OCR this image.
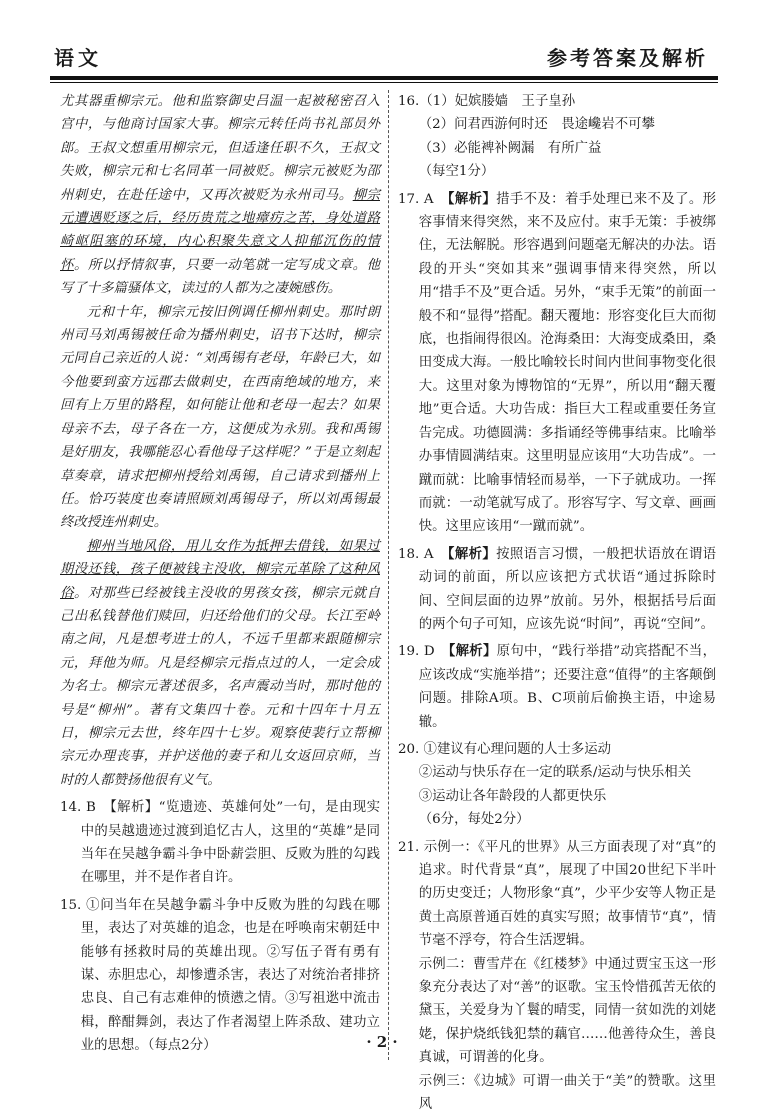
语文	参考答案及解析

尤其器重柳宗元。他和监察御史吕温一起被秘密召入宫中，与他商讨国家大事。柳宗元转任尚书礼部员外郎。王叔文想重用柳宗元，但适逢任职不久，王叔文失败，柳宗元和七名同革一同被贬。柳宗元被贬为邵州刺史，在赴任途中，又再次被贬为永州司马。柳宗元遭遇贬逐之后，经历贵荒之地瘴疠之苦，身处道路崎岖阻塞的环境，内心积聚失意文人抑郁沉伤的情怀。所以抒情叙事，只要一动笔就一定写成文章。他写了十多篇骚体文，读过的人都为之凄婉感伤。

元和十年，柳宗元按旧例调任柳州刺史。那时朗州司马刘禹锡被任命为播州刺史，诏书下达时，柳宗元同自己亲近的人说：“刘禹锡有老母，年龄已大，如今他要到蛮方远郡去做刺史，在西南绝域的地方，来回有上万里的路程，如何能让他和老母一起去？如果母亲不去，母子各在一方，这便成为永别。我和禹锡是好朋友，我哪能忍心看他母子这样呢？”于是立刻起草奏章，请求把柳州授给刘禹锡，自己请求到播州上任。恰巧装度也奏请照顾刘禹锡母子，所以刘禹锡最终改授连州刺史。

柳州当地风俗，用儿女作为抵押去借钱，如果过期没还钱，孩子便被钱主没收，柳宗元革除了这种风俗。对那些已经被钱主没收的男孩女孩，柳宗元就自己出私钱替他们赎回，归还给他们的父母。长江至岭南之间，凡是想考进士的人，不远千里都来跟随柳宗元，拜他为师。凡是经柳宗元指点过的人，一定会成为名士。柳宗元著述很多，名声震动当时，那时他的号是“柳州”。著有文集四十卷。元和十四年十月五日，柳宗元去世，终年四十七岁。观察使裴行立帮柳宗元办理丧事，并护送他的妻子和儿女返回京师，当时的人都赞扬他很有义气。

14. B　【解析】“览遗迹、英雄何处”一句，是由现实中的吴越遗迹过渡到追忆古人，这里的“英雄”是同当年在吴越争霸斗争中卧薪尝胆、反败为胜的勾践在哪里，并不是作者自许。

15. ①问当年在吴越争霸斗争中反败为胜的勾践在哪里，表达了对英雄的追念，也是在呼唤南宋朝廷中能够有拯救时局的英雄出现。②写伍子胥有勇有谋、赤胆忠心，却惨遭杀害，表达了对统治者排挤忠良、自己有志难伸的愤懑之情。③写祖逖中流击楫，醉酣舞剑，表达了作者渴望上阵杀敌、建功立业的思想。（每点2分）

16.（1）妃嫔媵嫱　王子皇孙

（2）问君西游何时还　畏途巉岩不可攀

（3）必能裨补阙漏　有所广益

（每空1分）

17. A　【解析】措手不及：着手处理已来不及了。形容事情来得突然，来不及应付。束手无策：手被绑住，无法解脱。形容遇到问题毫无解决的办法。语段的开头“突如其来”强调事情来得突然，所以用“措手不及”更合适。另外，“束手无策”的前面一般不和“显得”搭配。翻天覆地：形容变化巨大而彻底，也指闹得很凶。沧海桑田：大海变成桑田，桑田变成大海。一般比喻较长时间内世间事物变化很大。这里对象为博物馆的“无界”，所以用“翻天覆地”更合适。大功告成：指巨大工程或重要任务宣告完成。功德圆满：多指诵经等佛事结束。比喻举办事情圆满结束。这里明显应该用“大功告成”。一蹴而就：比喻事情轻而易举，一下子就成功。一挥而就：一动笔就写成了。形容写字、写文章、画画快。这里应该用“一蹴而就”。

18. A　【解析】按照语言习惯，一般把状语放在谓语动词的前面，所以应该把方式状语“通过拆除时间、空间层面的边界”放前。另外，根据括号后面的两个句子可知，应该先说“时间”，再说“空间”。

19. D　【解析】原句中，“践行举措”动宾搭配不当，应该改成“实施举措”；还要注意“值得”的主客颠倒问题。排除A项。B、C项前后偷换主语，中途易辙。

20. ①建议有心理问题的人士多运动

②运动与快乐存在一定的联系/运动与快乐相关

③运动让各年龄段的人都更快乐

（6分，每处2分）

21. 示例一：《平凡的世界》从三方面表现了对“真”的追求。时代背景“真”，展现了中国20世纪下半叶的历史变迁；人物形象“真”，少平少安等人物正是黄土高原普通百姓的真实写照；故事情节“真”，情节毫不浮夸，符合生活逻辑。

示例二：曹雪芹在《红楼梦》中通过贾宝玉这一形象充分表达了对“善”的讴歌。宝玉怜惜孤苦无依的黛玉，关爱身为丫鬟的晴雯，同情一贫如洗的刘姥姥，保护烧纸钱犯禁的藕官……他善待众生，善良真诚，可谓善的化身。

示例三：《边城》可谓一曲关于“美”的赞歌。这里风

· 2 ·
